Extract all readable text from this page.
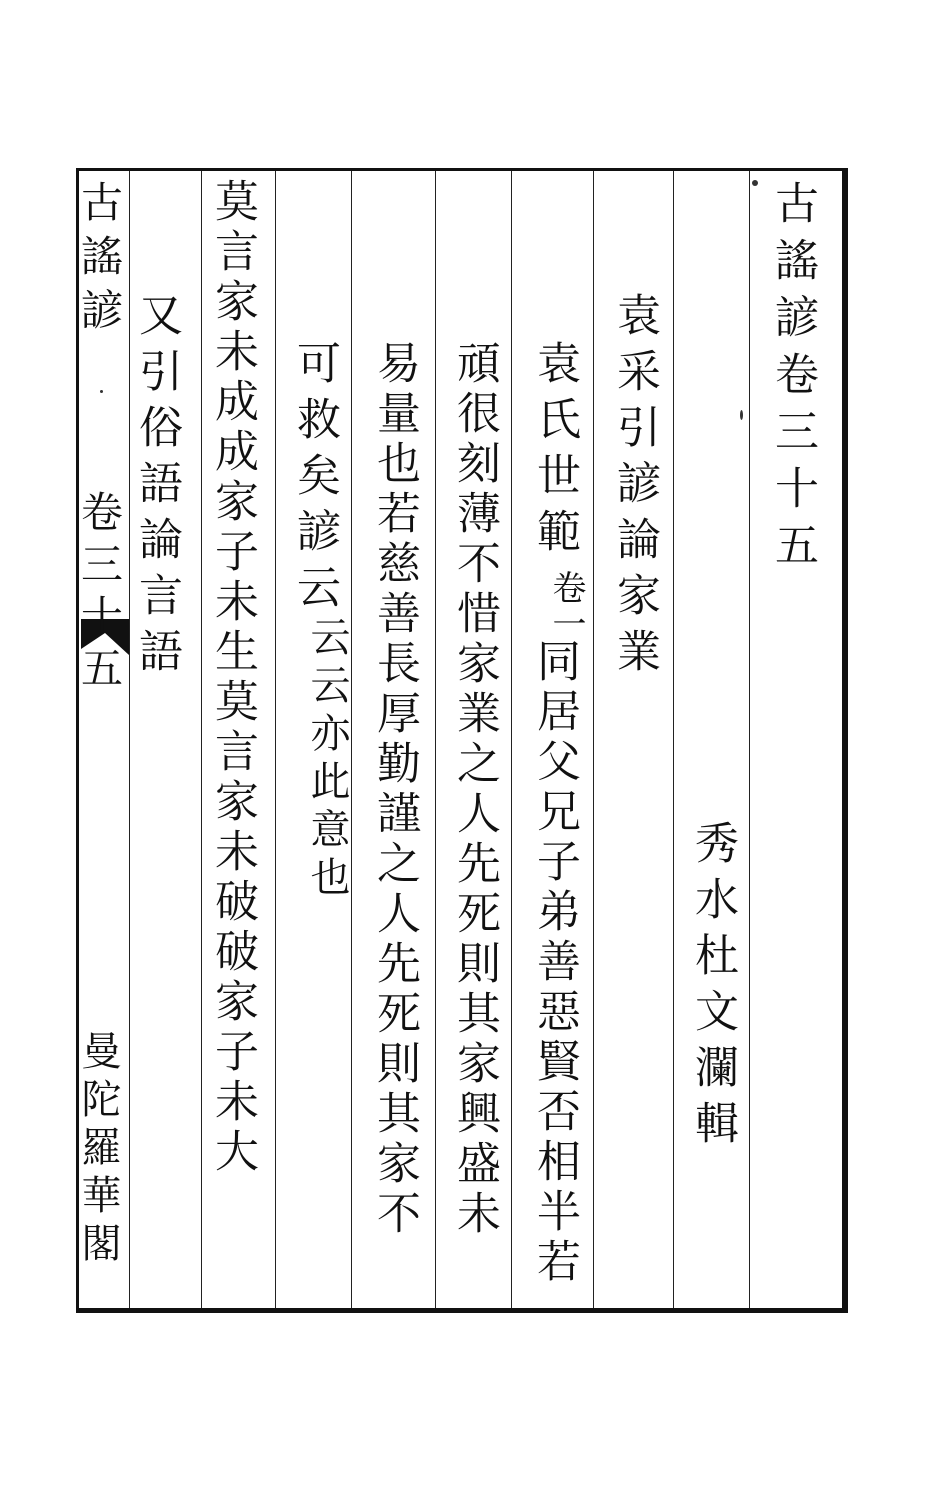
古謠諺卷三十五
秀水杜文瀾輯
袁采引諺論家業
袁氏世範
卷一
同居父兄子弟善惡賢否相半若
頑很刻薄不惜家業之人先死則其家興盛未
易量也若慈善長厚勤謹之人先死則其家不
可救矣諺云
云云亦此意也
莫言家未成成家子未生莫言家未破破家子未大
又引俗語論言語
古謠諺
卷三十五
曼陀羅華閣
